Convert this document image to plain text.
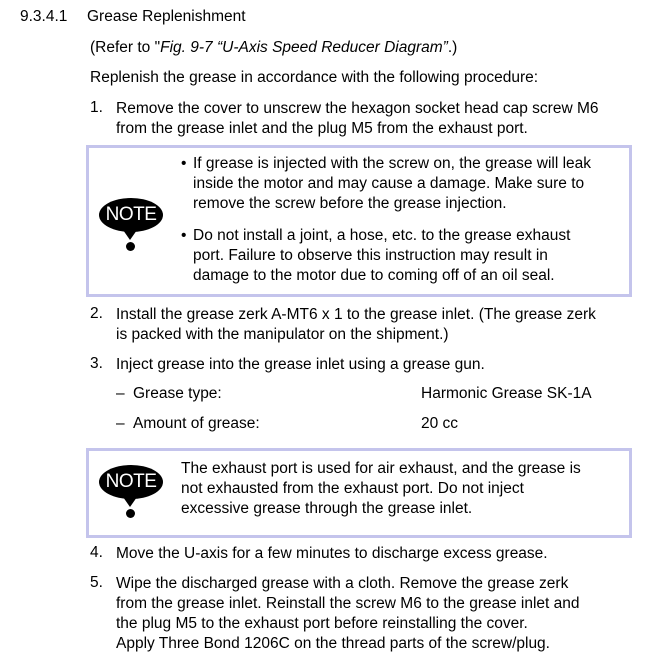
9.3.4.1 Grease Replenishment
(Refer to "Fig. 9-7 “U-Axis Speed Reducer Diagram”.)
Replenish the grease in accordance with the following procedure:
1. Remove the cover to unscrew the hexagon socket head cap screw M6
from the grease inlet and the plug M5 from the exhaust port.
NOTE
• If grease is injected with the screw on, the grease will leak
inside the motor and may cause a damage. Make sure to
remove the screw before the grease injection.
• Do not install a joint, a hose, etc. to the grease exhaust
port. Failure to observe this instruction may result in
damage to the motor due to coming off of an oil seal.
2. Install the grease zerk A-MT6 x 1 to the grease inlet. (The grease zerk
is packed with the manipulator on the shipment.)
3. Inject grease into the grease inlet using a grease gun.
– Grease type:	Harmonic Grease SK-1A
– Amount of grease:	20 cc
NOTE
The exhaust port is used for air exhaust, and the grease is
not exhausted from the exhaust port. Do not inject
excessive grease through the grease inlet.
4. Move the U-axis for a few minutes to discharge excess grease.
5. Wipe the discharged grease with a cloth. Remove the grease zerk
from the grease inlet. Reinstall the screw M6 to the grease inlet and
the plug M5 to the exhaust port before reinstalling the cover.
Apply Three Bond 1206C on the thread parts of the screw/plug.
